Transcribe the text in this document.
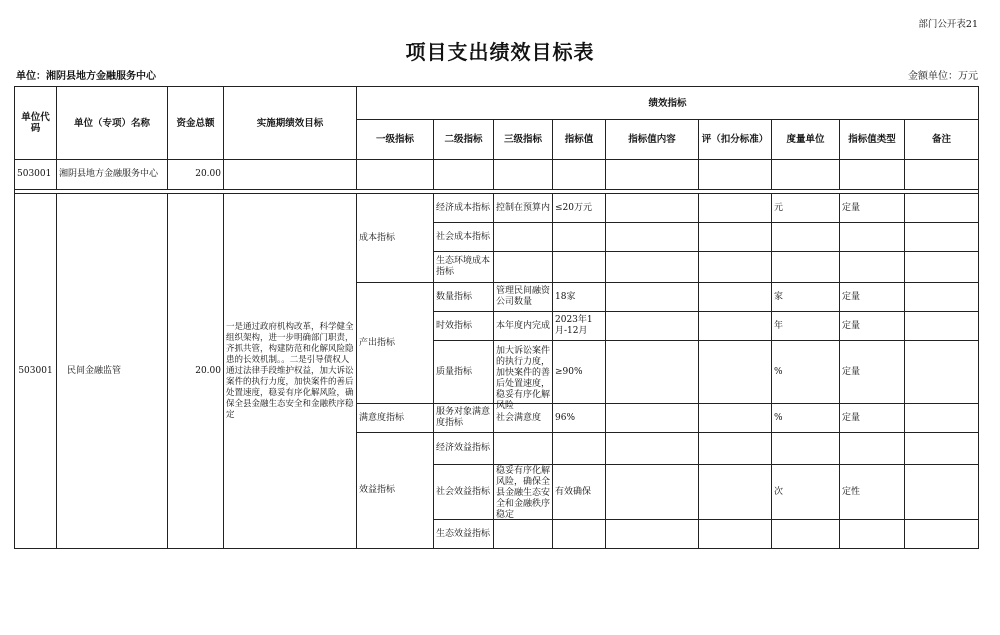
部门公开表21
项目支出绩效目标表
单位：湘阴县地方金融服务中心	金额单位：万元
单位代码	单位（专项）名称	资金总额	实施期绩效目标	绩效指标								
				一级指标	二级指标	三级指标	指标值	指标值内容	评（扣分标准）	度量单位	指标值类型	备注
503001	湘阴县地方金融服务中心	20.00										

503001	民间金融监管	20.00	一是通过政府机构改革，科学健全组织架构，进一步明确部门职责，齐抓共管，构建防范和化解风险隐患的长效机制。。二是引导债权人通过法律手段维护权益，加大诉讼案件的执行力度，加快案件的善后处置速度，稳妥有序化解风险，确保全县金融生态安全和金融秩序稳定	成本指标	经济成本指标	控制在预算内	≤20万元			元	定量	
					社会成本指标							
					生态环境成本指标							
				产出指标	数量指标	管理民间融资公司数量	18家			家	定量	
					时效指标	本年度内完成	2023年1月-12月			年	定量	
					质量指标	加大诉讼案件的执行力度，加快案件的善后处置速度，稳妥有序化解风险	≥90%			%	定量	
				满意度指标	服务对象满意度指标	社会满意度	96%			%	定量	
				效益指标	经济效益指标							
					社会效益指标	稳妥有序化解风险，确保全县金融生态安全和金融秩序稳定	有效确保			次	定性	
					生态效益指标							
